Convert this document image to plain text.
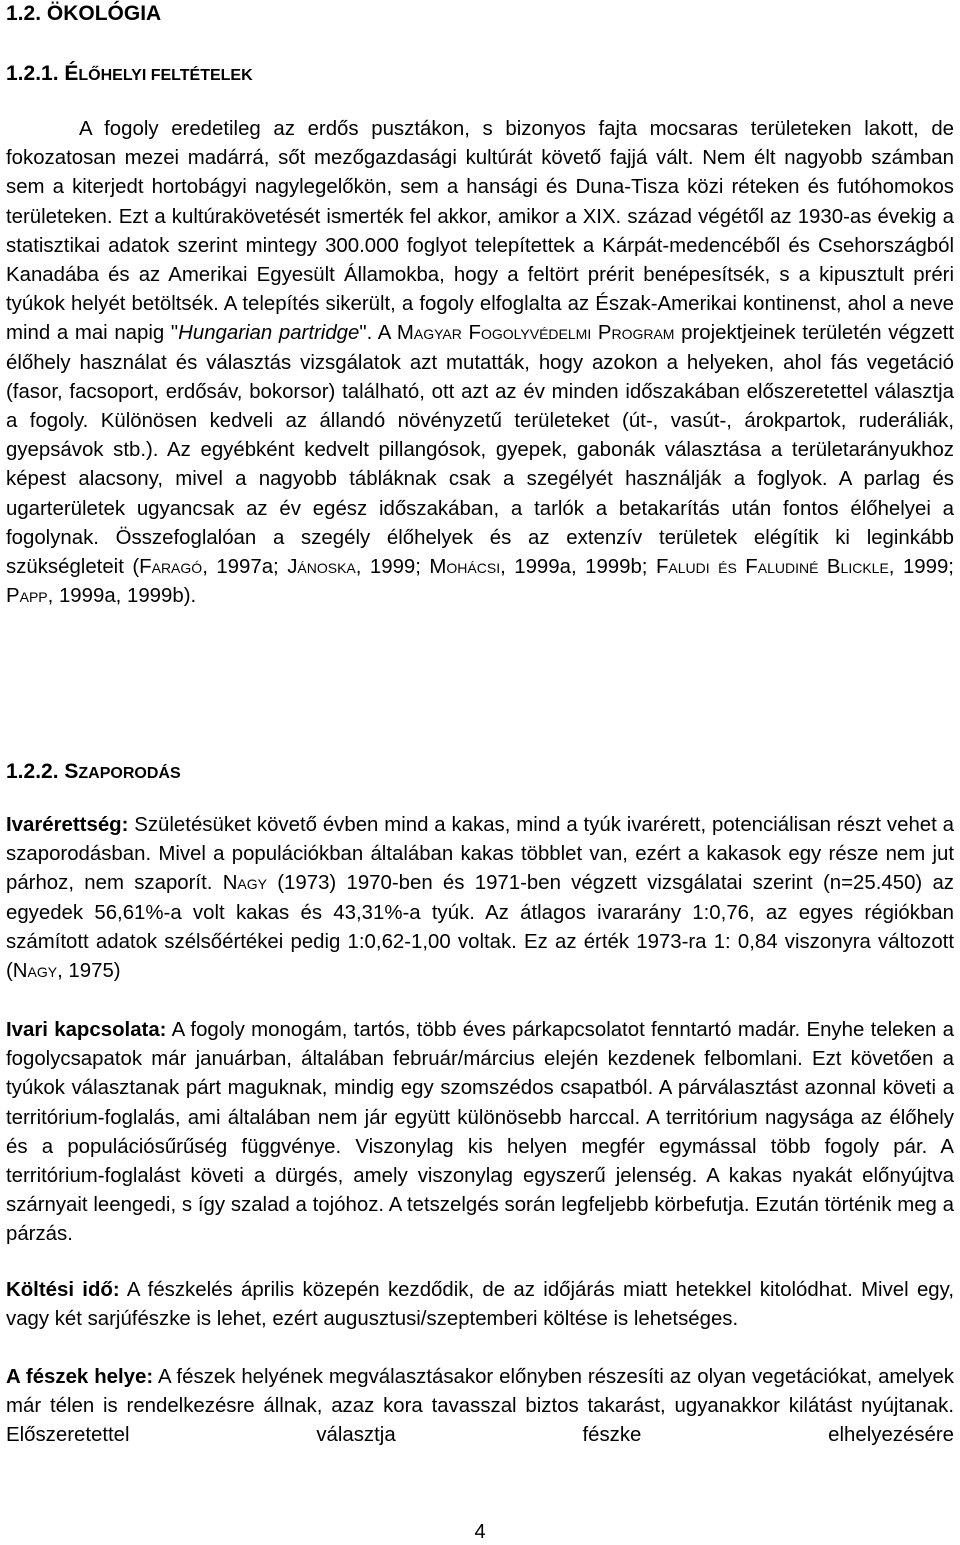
1.2. ÖKOLÓGIA
1.2.1. ÉLŐHELYI FELTÉTELEK
A fogoly eredetileg az erdős pusztákon, s bizonyos fajta mocsaras területeken lakott, de fokozatosan mezei madárrá, sőt mezőgazdasági kultúrát követő fajjá vált. Nem élt nagyobb számban sem a kiterjedt hortobágyi nagylegelőkön, sem a hansági és Duna-Tisza közi réteken és futóhomokos területeken. Ezt a kultúrakövetését ismerték fel akkor, amikor a XIX. század végétől az 1930-as évekig a statisztikai adatok szerint mintegy 300.000 foglyot telepítettek a Kárpát-medencéből és Csehországból Kanadába és az Amerikai Egyesült Államokba, hogy a feltört prérit benépesítsék, s a kipusztult préri tyúkok helyét betöltsék. A telepítés sikerült, a fogoly elfoglalta az Észak-Amerikai kontinenst, ahol a neve mind a mai napig "Hungarian partridge". A Magyar Fogolyvédelmi Program projektjeinek területén végzett élőhely használat és választás vizsgálatok azt mutatták, hogy azokon a helyeken, ahol fás vegetáció (fasor, facsoport, erdősáv, bokorsor) található, ott azt az év minden időszakában előszeretettel választja a fogoly. Különösen kedveli az állandó növényzetű területeket (út-, vasút-, árokpartok, ruderáliák, gyepsávok stb.). Az egyébként kedvelt pillangósok, gyepek, gabonák választása a területarányukhoz képest alacsony, mivel a nagyobb tábláknak csak a szegélyét használják a foglyok. A parlag és ugarterületek ugyancsak az év egész időszakában, a tarlók a betakarítás után fontos élőhelyei a fogolynak. Összefoglalóan a szegély élőhelyek és az extenzív területek elégítik ki leginkább szükségleteit (Faragó, 1997a; Jánoska, 1999; Mohácsi, 1999a, 1999b; Faludi és Faludiné Blickle, 1999; Papp, 1999a, 1999b).
1.2.2. SZAPORODÁS
Ivarérettség: Születésüket követő évben mind a kakas, mind a tyúk ivarérett, potenciálisan részt vehet a szaporodásban. Mivel a populációkban általában kakas többlet van, ezért a kakasok egy része nem jut párhoz, nem szaporít. Nagy (1973) 1970-ben és 1971-ben végzett vizsgálatai szerint (n=25.450) az egyedek 56,61%-a volt kakas és 43,31%-a tyúk. Az átlagos ivararány 1:0,76, az egyes régiókban számított adatok szélsőértékei pedig 1:0,62-1,00 voltak. Ez az érték 1973-ra 1: 0,84 viszonyra változott (Nagy, 1975)
Ivari kapcsolata: A fogoly monogám, tartós, több éves párkapcsolatot fenntartó madár. Enyhe teleken a fogolycsapatok már januárban, általában február/március elején kezdenek felbomlani. Ezt követően a tyúkok választanak párt maguknak, mindig egy szomszédos csapatból. A párválasztást azonnal követi a territórium-foglalás, ami általában nem jár együtt különösebb harccal. A territórium nagysága az élőhely és a populációsűrűség függvénye. Viszonylag kis helyen megfér egymással több fogoly pár. A territórium-foglalást követi a dürgés, amely viszonylag egyszerű jelenség. A kakas nyakát előnyújtva szárnyait leengedi, s így szalad a tojóhoz. A tetszelgés során legfeljebb körbefutja. Ezután történik meg a párzás.
Költési idő: A fészkelés április közepén kezdődik, de az időjárás miatt hetekkel kitolódhat. Mivel egy, vagy két sarjúfészke is lehet, ezért augusztusi/szeptemberi költése is lehetséges.
A fészek helye: A fészek helyének megválasztásakor előnyben részesíti az olyan vegetációkat, amelyek már télen is rendelkezésre állnak, azaz kora tavasszal biztos takarást, ugyanakkor kilátást nyújtanak. Előszeretettel választja fészke elhelyezésére
4
